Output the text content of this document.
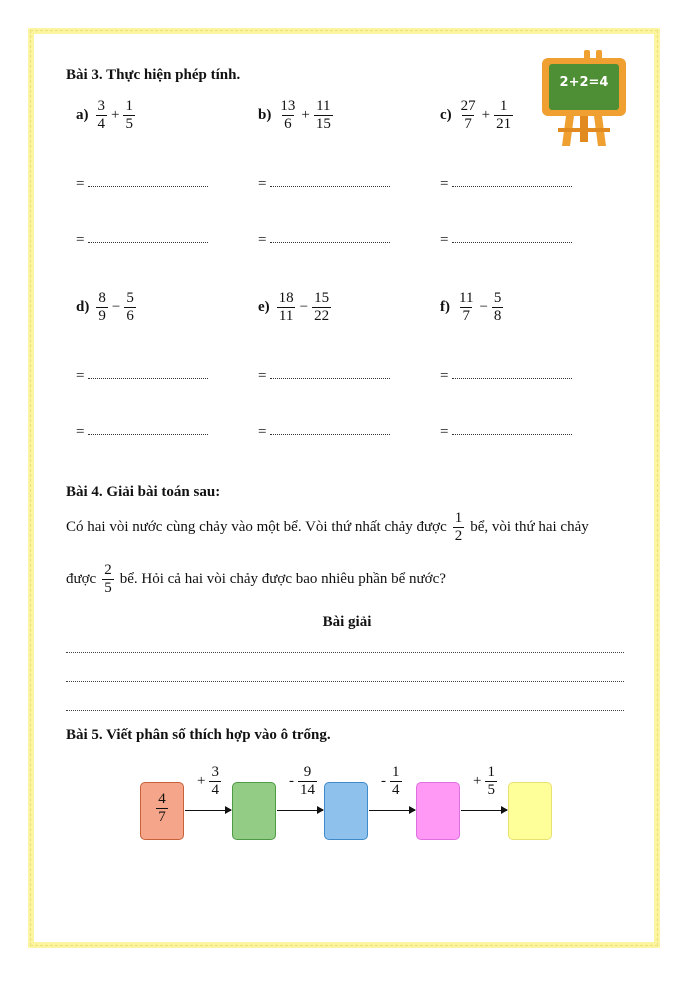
Bài 3. Thực hiện phép tính.	2+2=4
$a) \frac{3}{4} + \frac{1}{5}$	$b) \frac{13}{6} + \frac{11}{15}$	$c) \frac{27}{7} + \frac{1}{21}$
=	=	=
=	=	=
$d) \frac{8}{9} - \frac{5}{6}$	$e) \frac{18}{11} - \frac{15}{22}$	$f) \frac{11}{7} - \frac{5}{8}$
=	=	=
=	=	=
Bài 4. Giải bài toán sau:
Có hai vòi nước cùng chảy vào một bể. Vòi thứ nhất chảy được $\frac{1}{2}$ bể, vòi thứ hai chảy
được $\frac{2}{5}$ bể. Hỏi cả hai vòi chảy được bao nhiêu phần bể nước?
Bài giải
Bài 5. Viết phân số thích hợp vào ô trống.
$\frac{4}{7}$
+ $\frac{3}{4}$	- $\frac{9}{14}$	- $\frac{1}{4}$	+ $\frac{1}{5}$
